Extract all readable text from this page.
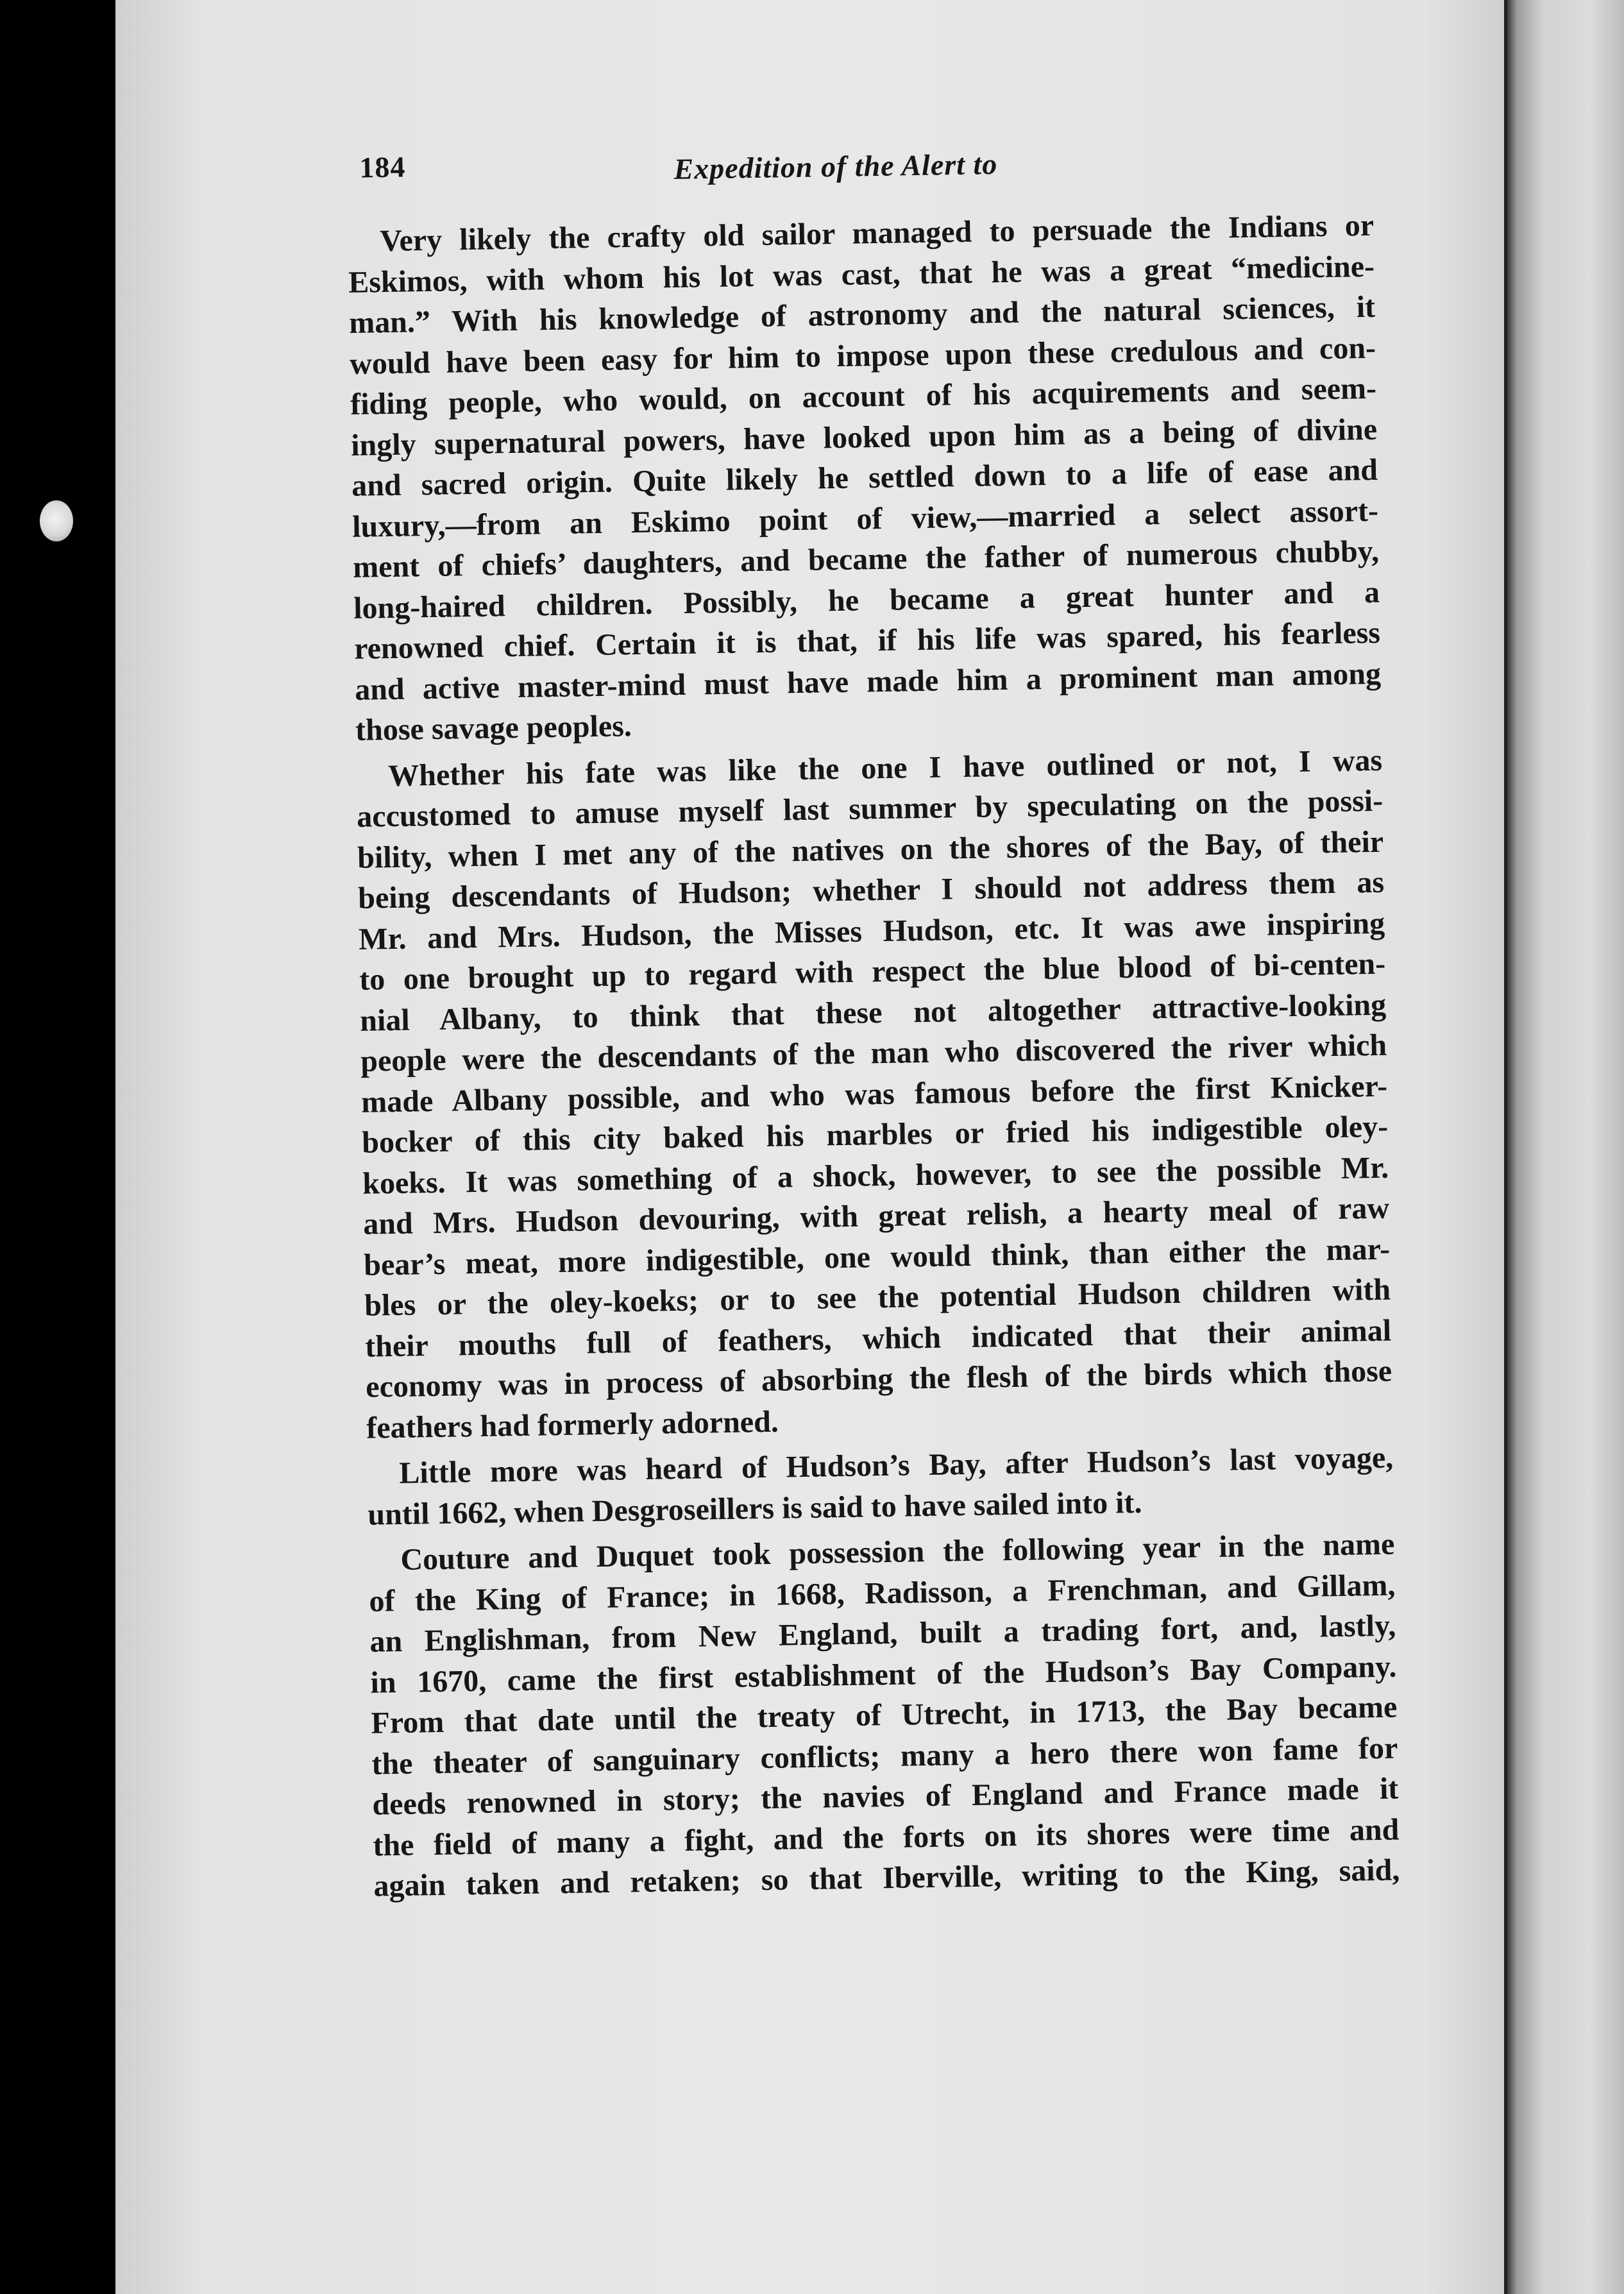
184	Expedition of the Alert to
Very likely the crafty old sailor managed to persuade the Indians or
Eskimos, with whom his lot was cast, that he was a great “medicine-
man.” With his knowledge of astronomy and the natural sciences, it
would have been easy for him to impose upon these credulous and con-
fiding people, who would, on account of his acquirements and seem-
ingly supernatural powers, have looked upon him as a being of divine
and sacred origin. Quite likely he settled down to a life of ease and
luxury,—from an Eskimo point of view,—married a select assort-
ment of chiefs’ daughters, and became the father of numerous chubby,
long-haired children. Possibly, he became a great hunter and a
renowned chief. Certain it is that, if his life was spared, his fearless
and active master-mind must have made him a prominent man among
those savage peoples.
Whether his fate was like the one I have outlined or not, I was
accustomed to amuse myself last summer by speculating on the possi-
bility, when I met any of the natives on the shores of the Bay, of their
being descendants of Hudson; whether I should not address them as
Mr. and Mrs. Hudson, the Misses Hudson, etc. It was awe inspiring
to one brought up to regard with respect the blue blood of bi-centen-
nial Albany, to think that these not altogether attractive-looking
people were the descendants of the man who discovered the river which
made Albany possible, and who was famous before the first Knicker-
bocker of this city baked his marbles or fried his indigestible oley-
koeks. It was something of a shock, however, to see the possible Mr.
and Mrs. Hudson devouring, with great relish, a hearty meal of raw
bear’s meat, more indigestible, one would think, than either the mar-
bles or the oley-koeks; or to see the potential Hudson children with
their mouths full of feathers, which indicated that their animal
economy was in process of absorbing the flesh of the birds which those
feathers had formerly adorned.
Little more was heard of Hudson’s Bay, after Hudson’s last voyage,
until 1662, when Desgroseillers is said to have sailed into it.
Couture and Duquet took possession the following year in the name
of the King of France; in 1668, Radisson, a Frenchman, and Gillam,
an Englishman, from New England, built a trading fort, and, lastly,
in 1670, came the first establishment of the Hudson’s Bay Company.
From that date until the treaty of Utrecht, in 1713, the Bay became
the theater of sanguinary conflicts; many a hero there won fame for
deeds renowned in story; the navies of England and France made it
the field of many a fight, and the forts on its shores were time and
again taken and retaken; so that Iberville, writing to the King, said,
